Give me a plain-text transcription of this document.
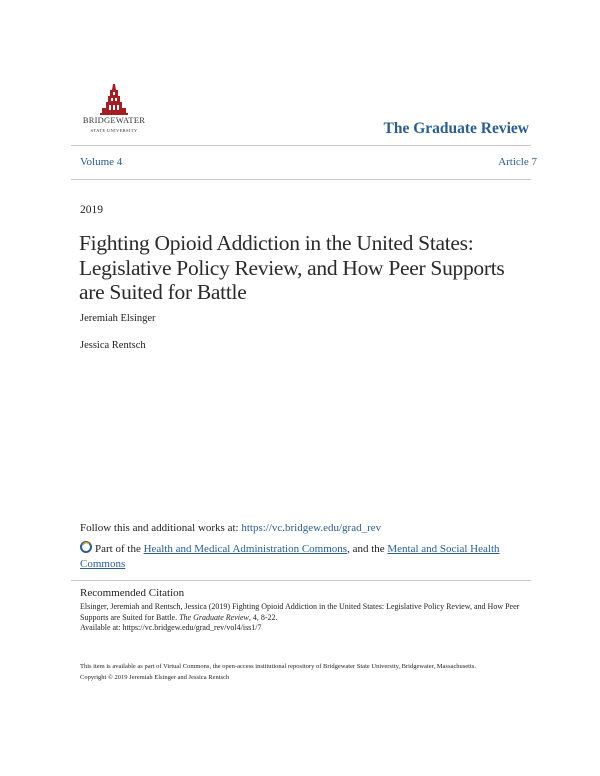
BRIDGEWATER
STATE UNIVERSITY	The Graduate Review
Volume 4	Article 7
2019
Fighting Opioid Addiction in the United States: Legislative Policy Review, and How Peer Supports are Suited for Battle
Jeremiah Elsinger
Jessica Rentsch
Follow this and additional works at: https://vc.bridgew.edu/grad_rev
Part of the Health and Medical Administration Commons, and the Mental and Social Health Commons
Recommended Citation
Elsinger, Jeremiah and Rentsch, Jessica (2019) Fighting Opioid Addiction in the United States: Legislative Policy Review, and How Peer Supports are Suited for Battle. The Graduate Review, 4, 8-22.
Available at: https://vc.bridgew.edu/grad_rev/vol4/iss1/7
This item is available as part of Virtual Commons, the open-access institutional repository of Bridgewater State University, Bridgewater, Massachusetts.
Copyright © 2019 Jeremiah Elsinger and Jessica Rentsch
